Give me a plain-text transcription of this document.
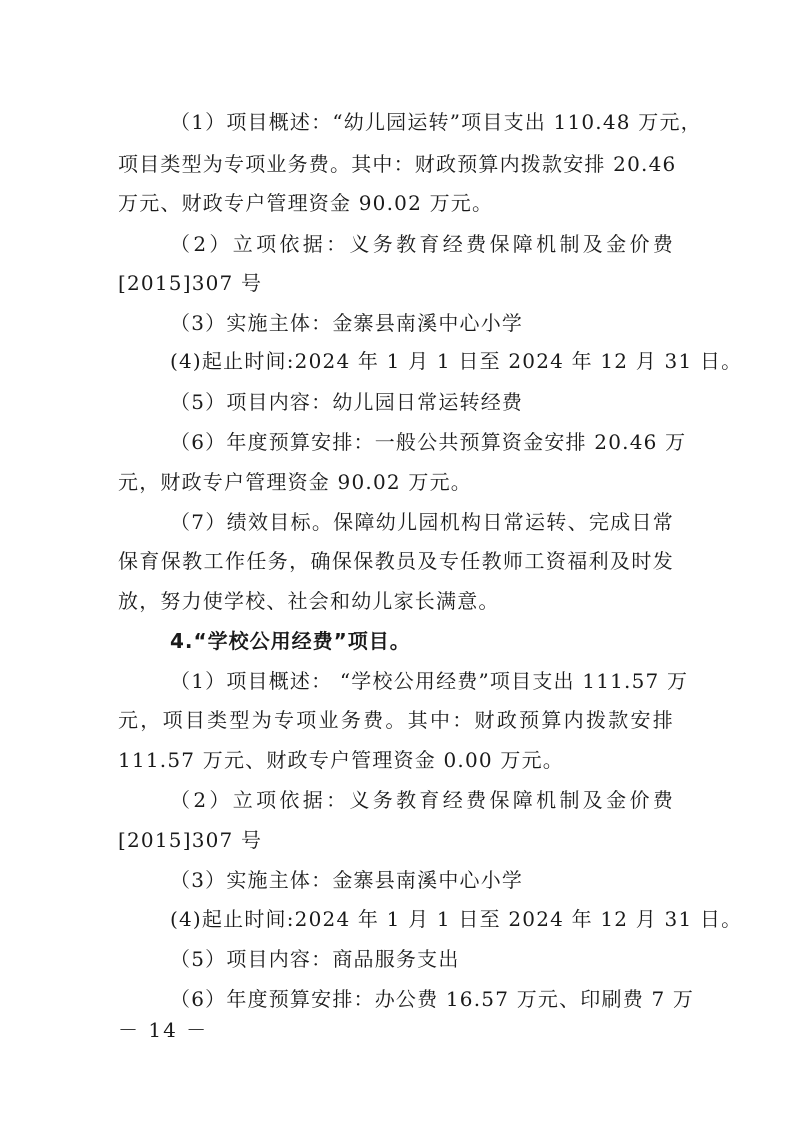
（1）项目概述：“幼儿园运转”项目支出 110.48 万元，
项目类型为专项业务费。其中：财政预算内拨款安排 20.46
万元、财政专户管理资金 90.02 万元。
（2）立项依据：义务教育经费保障机制及金价费
[2015]307 号
（3）实施主体：金寨县南溪中心小学
(4)起止时间:2024 年 1 月 1 日至 2024 年 12 月 31 日。
（5）项目内容：幼儿园日常运转经费
（6）年度预算安排：一般公共预算资金安排 20.46 万
元，财政专户管理资金 90.02 万元。
（7）绩效目标。保障幼儿园机构日常运转、完成日常
保育保教工作任务，确保保教员及专任教师工资福利及时发
放，努力使学校、社会和幼儿家长满意。
4.“学校公用经费”项目。
（1）项目概述： “学校公用经费”项目支出 111.57 万
元，项目类型为专项业务费。其中：财政预算内拨款安排
111.57 万元、财政专户管理资金 0.00 万元。
（2）立项依据：义务教育经费保障机制及金价费
[2015]307 号
（3）实施主体：金寨县南溪中心小学
(4)起止时间:2024 年 1 月 1 日至 2024 年 12 月 31 日。
（5）项目内容：商品服务支出
（6）年度预算安排：办公费 16.57 万元、印刷费 7 万
－ 14 －
